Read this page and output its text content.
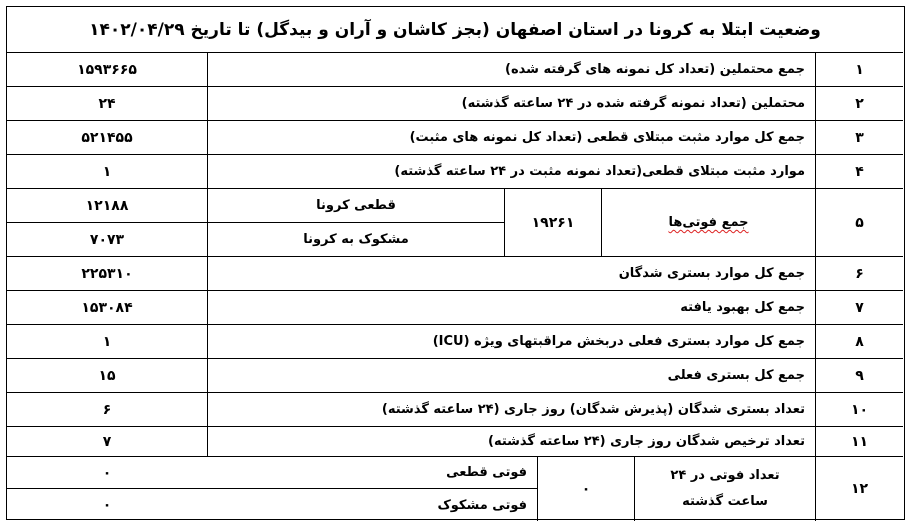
وضعیت ابتلا به کرونا در استان اصفهان (بجز کاشان و آران و بیدگل) تا تاریخ ۱۴۰۲/۰۴/۲۹
۱
جمع محتملین (تعداد کل نمونه های گرفته شده)
۱۵۹۳۶۶۵
۲
محتملین (تعداد نمونه گرفته شده در ۲۴ ساعته گذشته)
۲۴
۳
جمع کل موارد مثبت مبتلای قطعی (تعداد کل نمونه های مثبت)
۵۲۱۴۵۵
۴
موارد مثبت مبتلای قطعی(تعداد نمونه مثبت در ۲۴ ساعته گذشته)
۱
۵
جمع فوتی‌ها
۱۹۲۶۱
قطعی کرونا
۱۲۱۸۸
مشکوک به کرونا
۷۰۷۳
۶
جمع کل موارد بستری شدگان
۲۲۵۳۱۰
۷
جمع کل بهبود یافته
۱۵۳۰۸۴
۸
جمع کل موارد بستری فعلی دربخش مراقبتهای ویژه (ICU)
۱
۹
جمع کل بستری فعلی
۱۵
۱۰
تعداد بستری شدگان (پذیرش شدگان) روز جاری (۲۴ ساعته گذشته)
۶
۱۱
تعداد ترخیص شدگان روز جاری (۲۴ ساعته گذشته)
۷
۱۲
تعداد فوتی در ۲۴
ساعت گذشته
۰
فوتی قطعی
۰
فوتی مشکوک
۰
